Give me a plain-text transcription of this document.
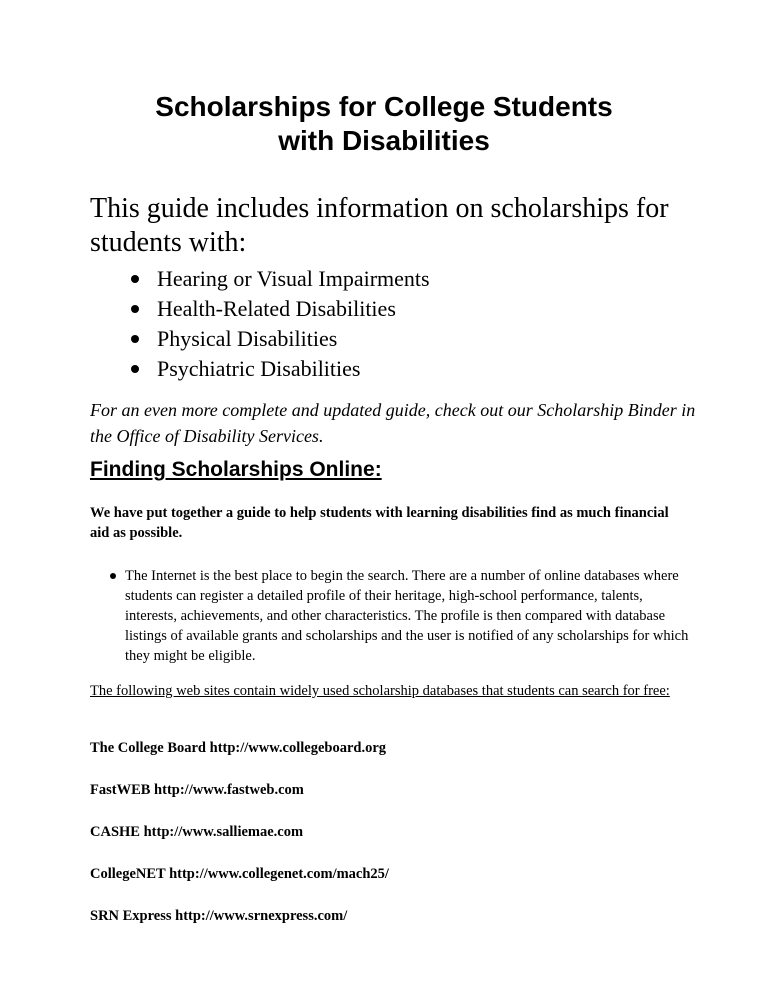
Scholarships for College Students
with Disabilities
This guide includes information on scholarships for students with:
Hearing or Visual Impairments
Health-Related Disabilities
Physical Disabilities
Psychiatric Disabilities
For an even more complete and updated guide, check out our Scholarship Binder in the Office of Disability Services.
Finding Scholarships Online:
We have put together a guide to help students with learning disabilities find as much financial aid as possible.
The Internet is the best place to begin the search. There are a number of online databases where students can register a detailed profile of their heritage, high-school performance, talents, interests, achievements, and other characteristics. The profile is then compared with database listings of available grants and scholarships and the user is notified of any scholarships for which they might be eligible.
The following web sites contain widely used scholarship databases that students can search for free:
The College Board http://www.collegeboard.org
FastWEB http://www.fastweb.com
CASHE http://www.salliemae.com
CollegeNET http://www.collegenet.com/mach25/
SRN Express http://www.srnexpress.com/
